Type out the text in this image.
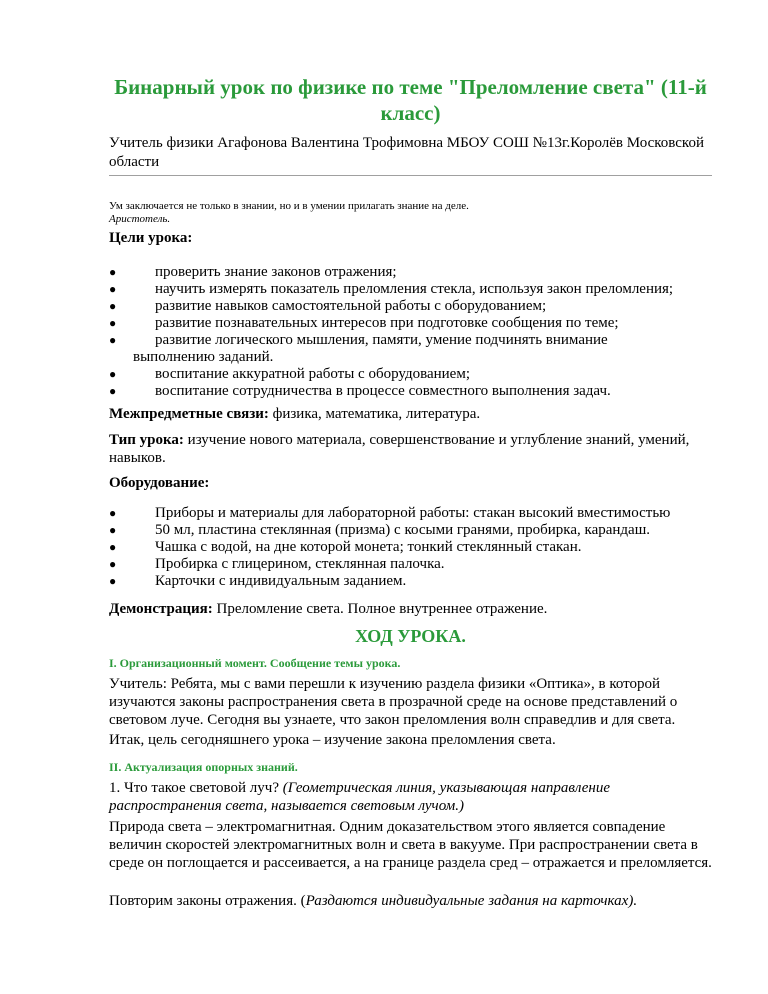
Бинарный урок по физике по теме "Преломление света" (11-й класс)

Учитель физики Агафонова Валентина Трофимовна МБОУ СОШ №13г.Королёв Московской области

Ум заключается не только в знании, но и в умении прилагать знание на деле.
Аристотель.

Цели урока:

●	проверить знание законов отражения;
●	научить измерять показатель преломления стекла, используя закон преломления;
●	развитие навыков самостоятельной работы с оборудованием;
●	развитие познавательных интересов при подготовке сообщения по теме;
●	развитие логического мышления, памяти, умение подчинять внимание
выполнению заданий.
●	воспитание аккуратной работы с оборудованием;
●	воспитание сотрудничества в процессе совместного выполнения задач.

Межпредметные связи: физика, математика, литература.

Тип урока: изучение нового материала, совершенствование и углубление знаний, умений, навыков.

Оборудование:

●	Приборы и материалы для лабораторной работы: стакан высокий вместимостью
●	50 мл, пластина стеклянная (призма) с косыми гранями, пробирка, карандаш.
●	Чашка с водой, на дне которой монета; тонкий стеклянный стакан.
●	Пробирка с глицерином, стеклянная палочка.
●	Карточки с индивидуальным заданием.

Демонстрация: Преломление света. Полное внутреннее отражение.

ХОД УРОКА.
I. Организационный момент. Сообщение темы урока.

Учитель: Ребята, мы с вами перешли к изучению раздела физики «Оптика», в которой изучаются законы распространения света в прозрачной среде на основе представлений о световом луче. Сегодня вы узнаете, что закон преломления волн справедлив и для света.

Итак, цель сегодняшнего урока – изучение закона преломления света.

II. Актуализация опорных знаний.

1. Что такое световой луч? (Геометрическая линия, указывающая направление распространения света, называется световым лучом.)

Природа света – электромагнитная. Одним доказательством этого является совпадение величин скоростей электромагнитных волн и света в вакууме. При распространении света в среде он поглощается и рассеивается, а на границе раздела сред – отражается и преломляется.

Повторим законы отражения. (Раздаются индивидуальные задания на карточках).
